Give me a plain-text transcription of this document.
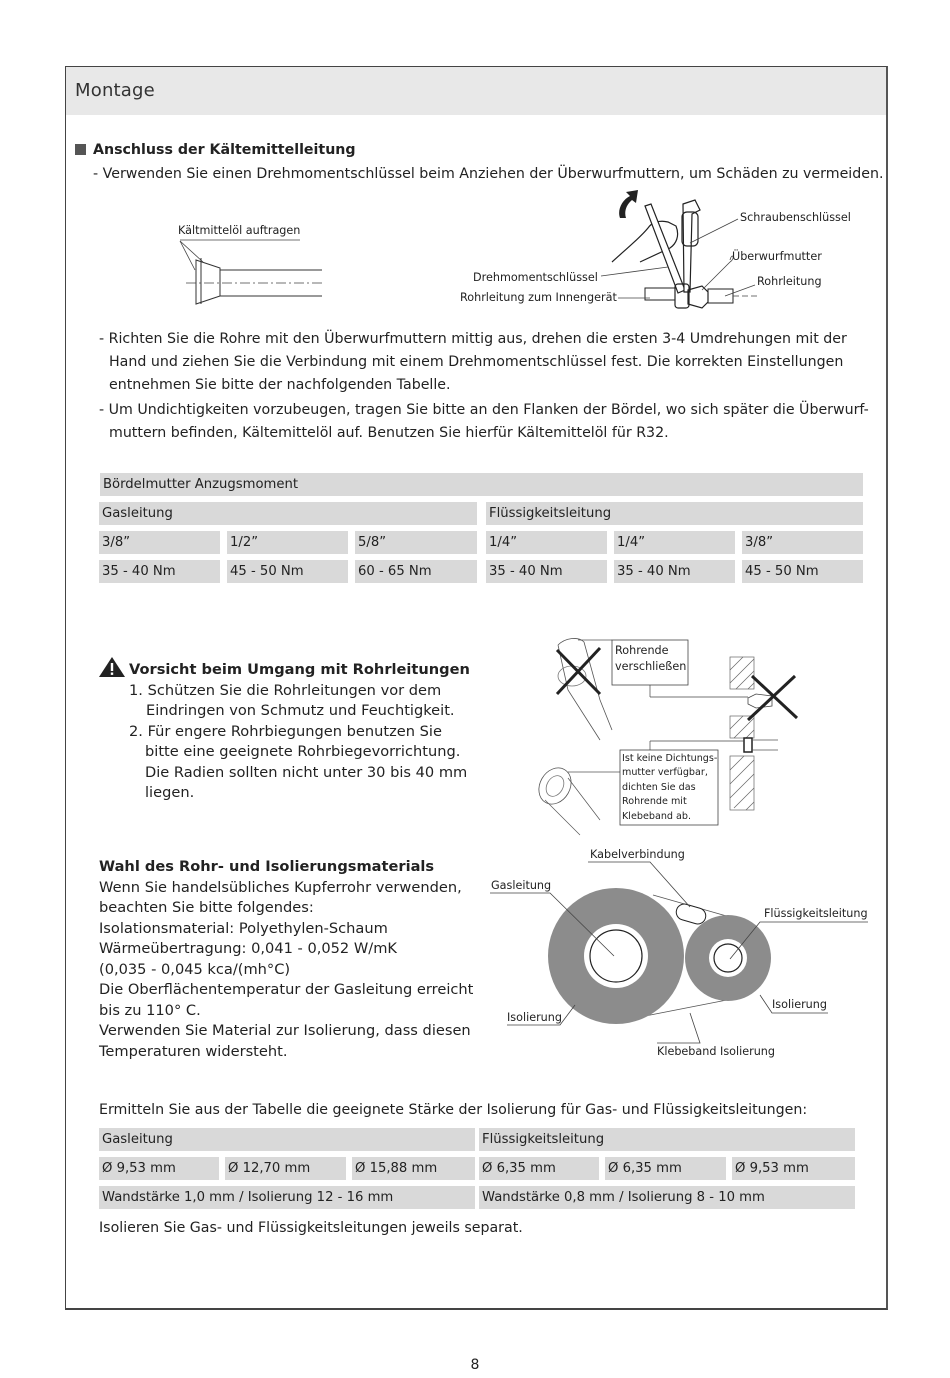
Montage
Anschluss der Kältemittelleitung
- Verwenden Sie einen Drehmomentschlüssel beim Anziehen der Überwurfmuttern, um Schäden zu vermeiden.
Kältmittelöl auftragen
Schraubenschlüssel
Überwurfmutter
Rohrleitung
Drehmomentschlüssel
Rohrleitung zum Innengerät
- Richten Sie die Rohre mit den Überwurfmuttern mittig aus, drehen die ersten 3-4 Umdrehungen mit der
Hand und ziehen Sie die Verbindung mit einem Drehmomentschlüssel fest. Die korrekten Einstellungen
entnehmen Sie bitte der nachfolgenden Tabelle.
- Um Undichtigkeiten vorzubeugen, tragen Sie bitte an den Flanken der Bördel, wo sich später die Überwurf-
muttern befinden, Kältemittelöl auf. Benutzen Sie hierfür Kältemittelöl für R32.
Bördelmutter Anzugsmoment
Gasleitung	Flüssigkeitsleitung
3/8”	1/2”	5/8”	1/4”	1/4”	3/8”
35 - 40 Nm	45 - 50 Nm	60 - 65 Nm	35 - 40 Nm	35 - 40 Nm	45 - 50 Nm
Vorsicht beim Umgang mit Rohrleitungen
1. Schützen Sie die Rohrleitungen vor dem
Eindringen von Schmutz und Feuchtigkeit.
2. Für engere Rohrbiegungen benutzen Sie
bitte eine geeignete Rohrbiegevorrichtung.
Die Radien sollten nicht unter 30 bis 40 mm
liegen.
Rohrende
verschließen
Ist keine Dichtungs-
mutter verfügbar,
dichten Sie das
Rohrende mit
Klebeband ab.
Wahl des Rohr- und Isolierungsmaterials
Wenn Sie handelsübliches Kupferrohr verwenden,
beachten Sie bitte folgendes:
Isolationsmaterial: Polyethylen-Schaum
Wärmeübertragung: 0,041 - 0,052 W/mK
(0,035 - 0,045 kca/(mh°C)
Die Oberflächentemperatur der Gasleitung erreicht
bis zu 110° C.
Verwenden Sie Material zur Isolierung, dass diesen
Temperaturen widersteht.
Kabelverbindung
Gasleitung
Flüssigkeitsleitung
Isolierung
Isolierung
Klebeband Isolierung
Ermitteln Sie aus der Tabelle die geeignete Stärke der Isolierung für Gas- und Flüssigkeitsleitungen:
Gasleitung	Flüssigkeitsleitung
Ø 9,53 mm	Ø 12,70 mm	Ø 15,88 mm	Ø 6,35 mm	Ø 6,35 mm	Ø 9,53 mm
Wandstärke 1,0 mm / Isolierung 12 - 16 mm	Wandstärke 0,8 mm / Isolierung 8 - 10 mm
Isolieren Sie Gas- und Flüssigkeitsleitungen jeweils separat.
8
